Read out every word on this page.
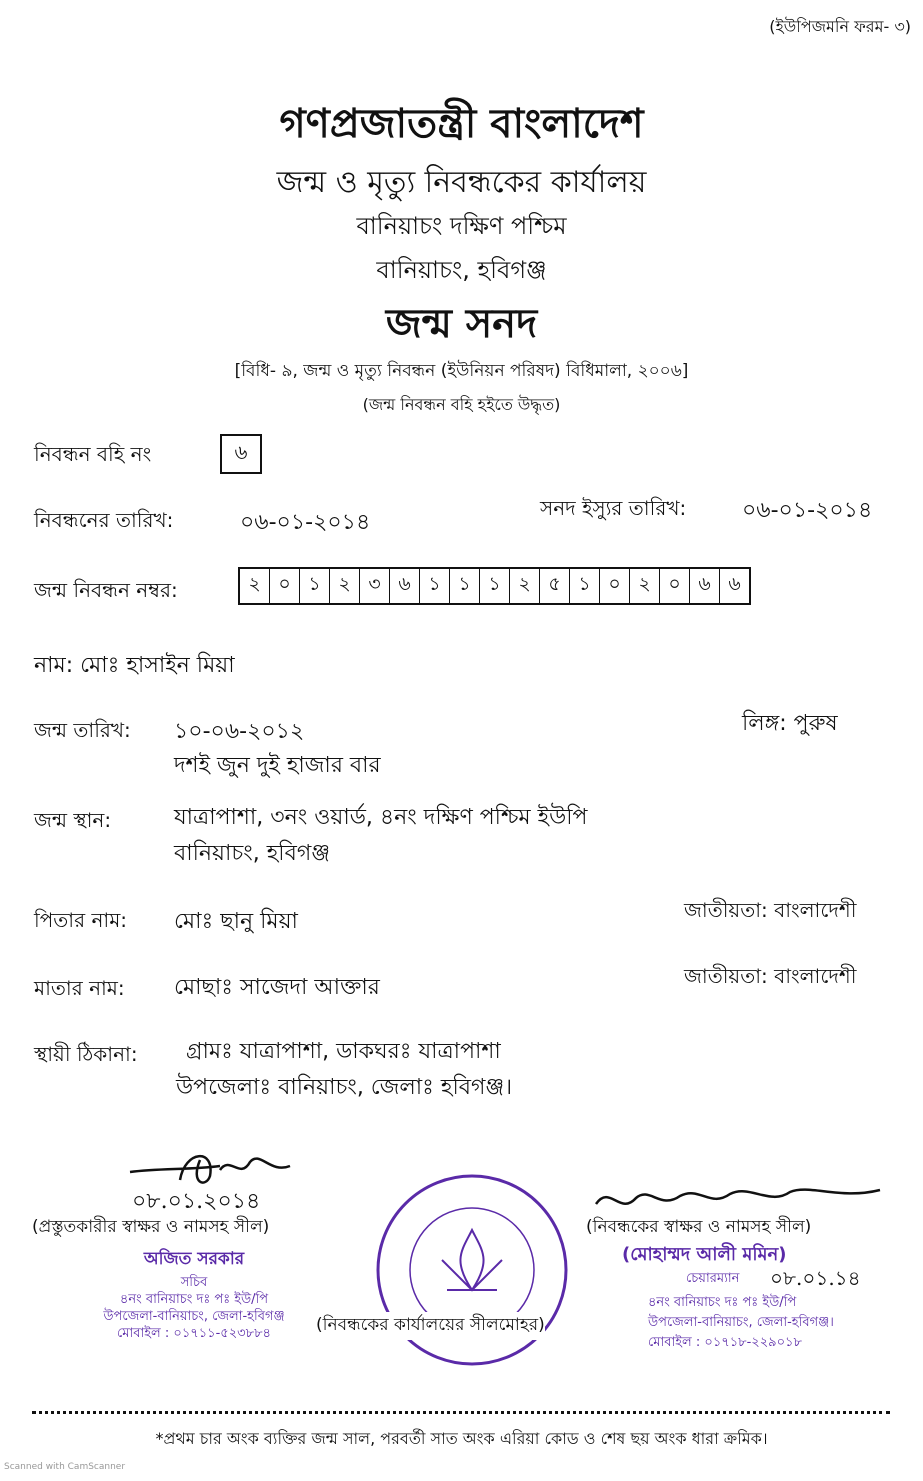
(ইউপিজমনি ফরম- ৩)
গণপ্রজাতন্ত্রী বাংলাদেশ
জন্ম ও মৃত্যু নিবন্ধকের কার্যালয়
বানিয়াচং দক্ষিণ পশ্চিম
বানিয়াচং, হবিগঞ্জ
জন্ম সনদ
[বিধি- ৯, জন্ম ও মৃত্যু নিবন্ধন (ইউনিয়ন পরিষদ) বিধিমালা, ২০০৬]
(জন্ম নিবন্ধন বহি হইতে উদ্ধৃত)
নিবন্ধন বহি নং	৬
নিবন্ধনের তারিখ:	০৬-০১-২০১৪
সনদ ইস্যুর তারিখ:	০৬-০১-২০১৪
জন্ম নিবন্ধন নম্বর:	২ ০ ১ ২ ৩ ৬ ১ ১ ১ ২ ৫ ১ ০ ২ ০ ৬ ৬
নাম: মোঃ হাসাইন মিয়া
জন্ম তারিখ: ১০-০৬-২০১২
দশই জুন দুই হাজার বার
লিঙ্গ: পুরুষ
জন্ম স্থান:	যাত্রাপাশা, ৩নং ওয়ার্ড, ৪নং দক্ষিণ পশ্চিম ইউপি
বানিয়াচং, হবিগঞ্জ
পিতার নাম: মোঃ ছানু মিয়া	জাতীয়তা: বাংলাদেশী
মাতার নাম: মোছাঃ সাজেদা আক্তার	জাতীয়তা: বাংলাদেশী
স্থায়ী ঠিকানা: গ্রামঃ যাত্রাপাশা, ডাকঘরঃ যাত্রাপাশা
উপজেলাঃ বানিয়াচং, জেলাঃ হবিগঞ্জ।
০৮.০১.২০১৪
(প্রস্তুতকারীর স্বাক্ষর ও নামসহ সীল)
অজিত সরকার
সচিব
৪নং বানিয়াচং দঃ পঃ ইউ/পি
উপজেলা-বানিয়াচং, জেলা-হবিগঞ্জ
মোবাইল : ০১৭১১-৫২৩৮৮৪	(নিবন্ধকের কার্যালয়ের সীলমোহর)
(নিবন্ধকের স্বাক্ষর ও নামসহ সীল)
(মোহাম্মদ আলী মমিন)
চেয়ারম্যান ০৮.০১.১৪
৪নং বানিয়াচং দঃ পঃ ইউ/পি
উপজেলা-বানিয়াচং, জেলা-হবিগঞ্জ।
মোবাইল : ০১৭১৮-২২৯০১৮
*প্রথম চার অংক ব্যক্তির জন্ম সাল, পরবর্তী সাত অংক এরিয়া কোড ও শেষ ছয় অংক ধারা ক্রমিক।
Scanned with CamScanner
